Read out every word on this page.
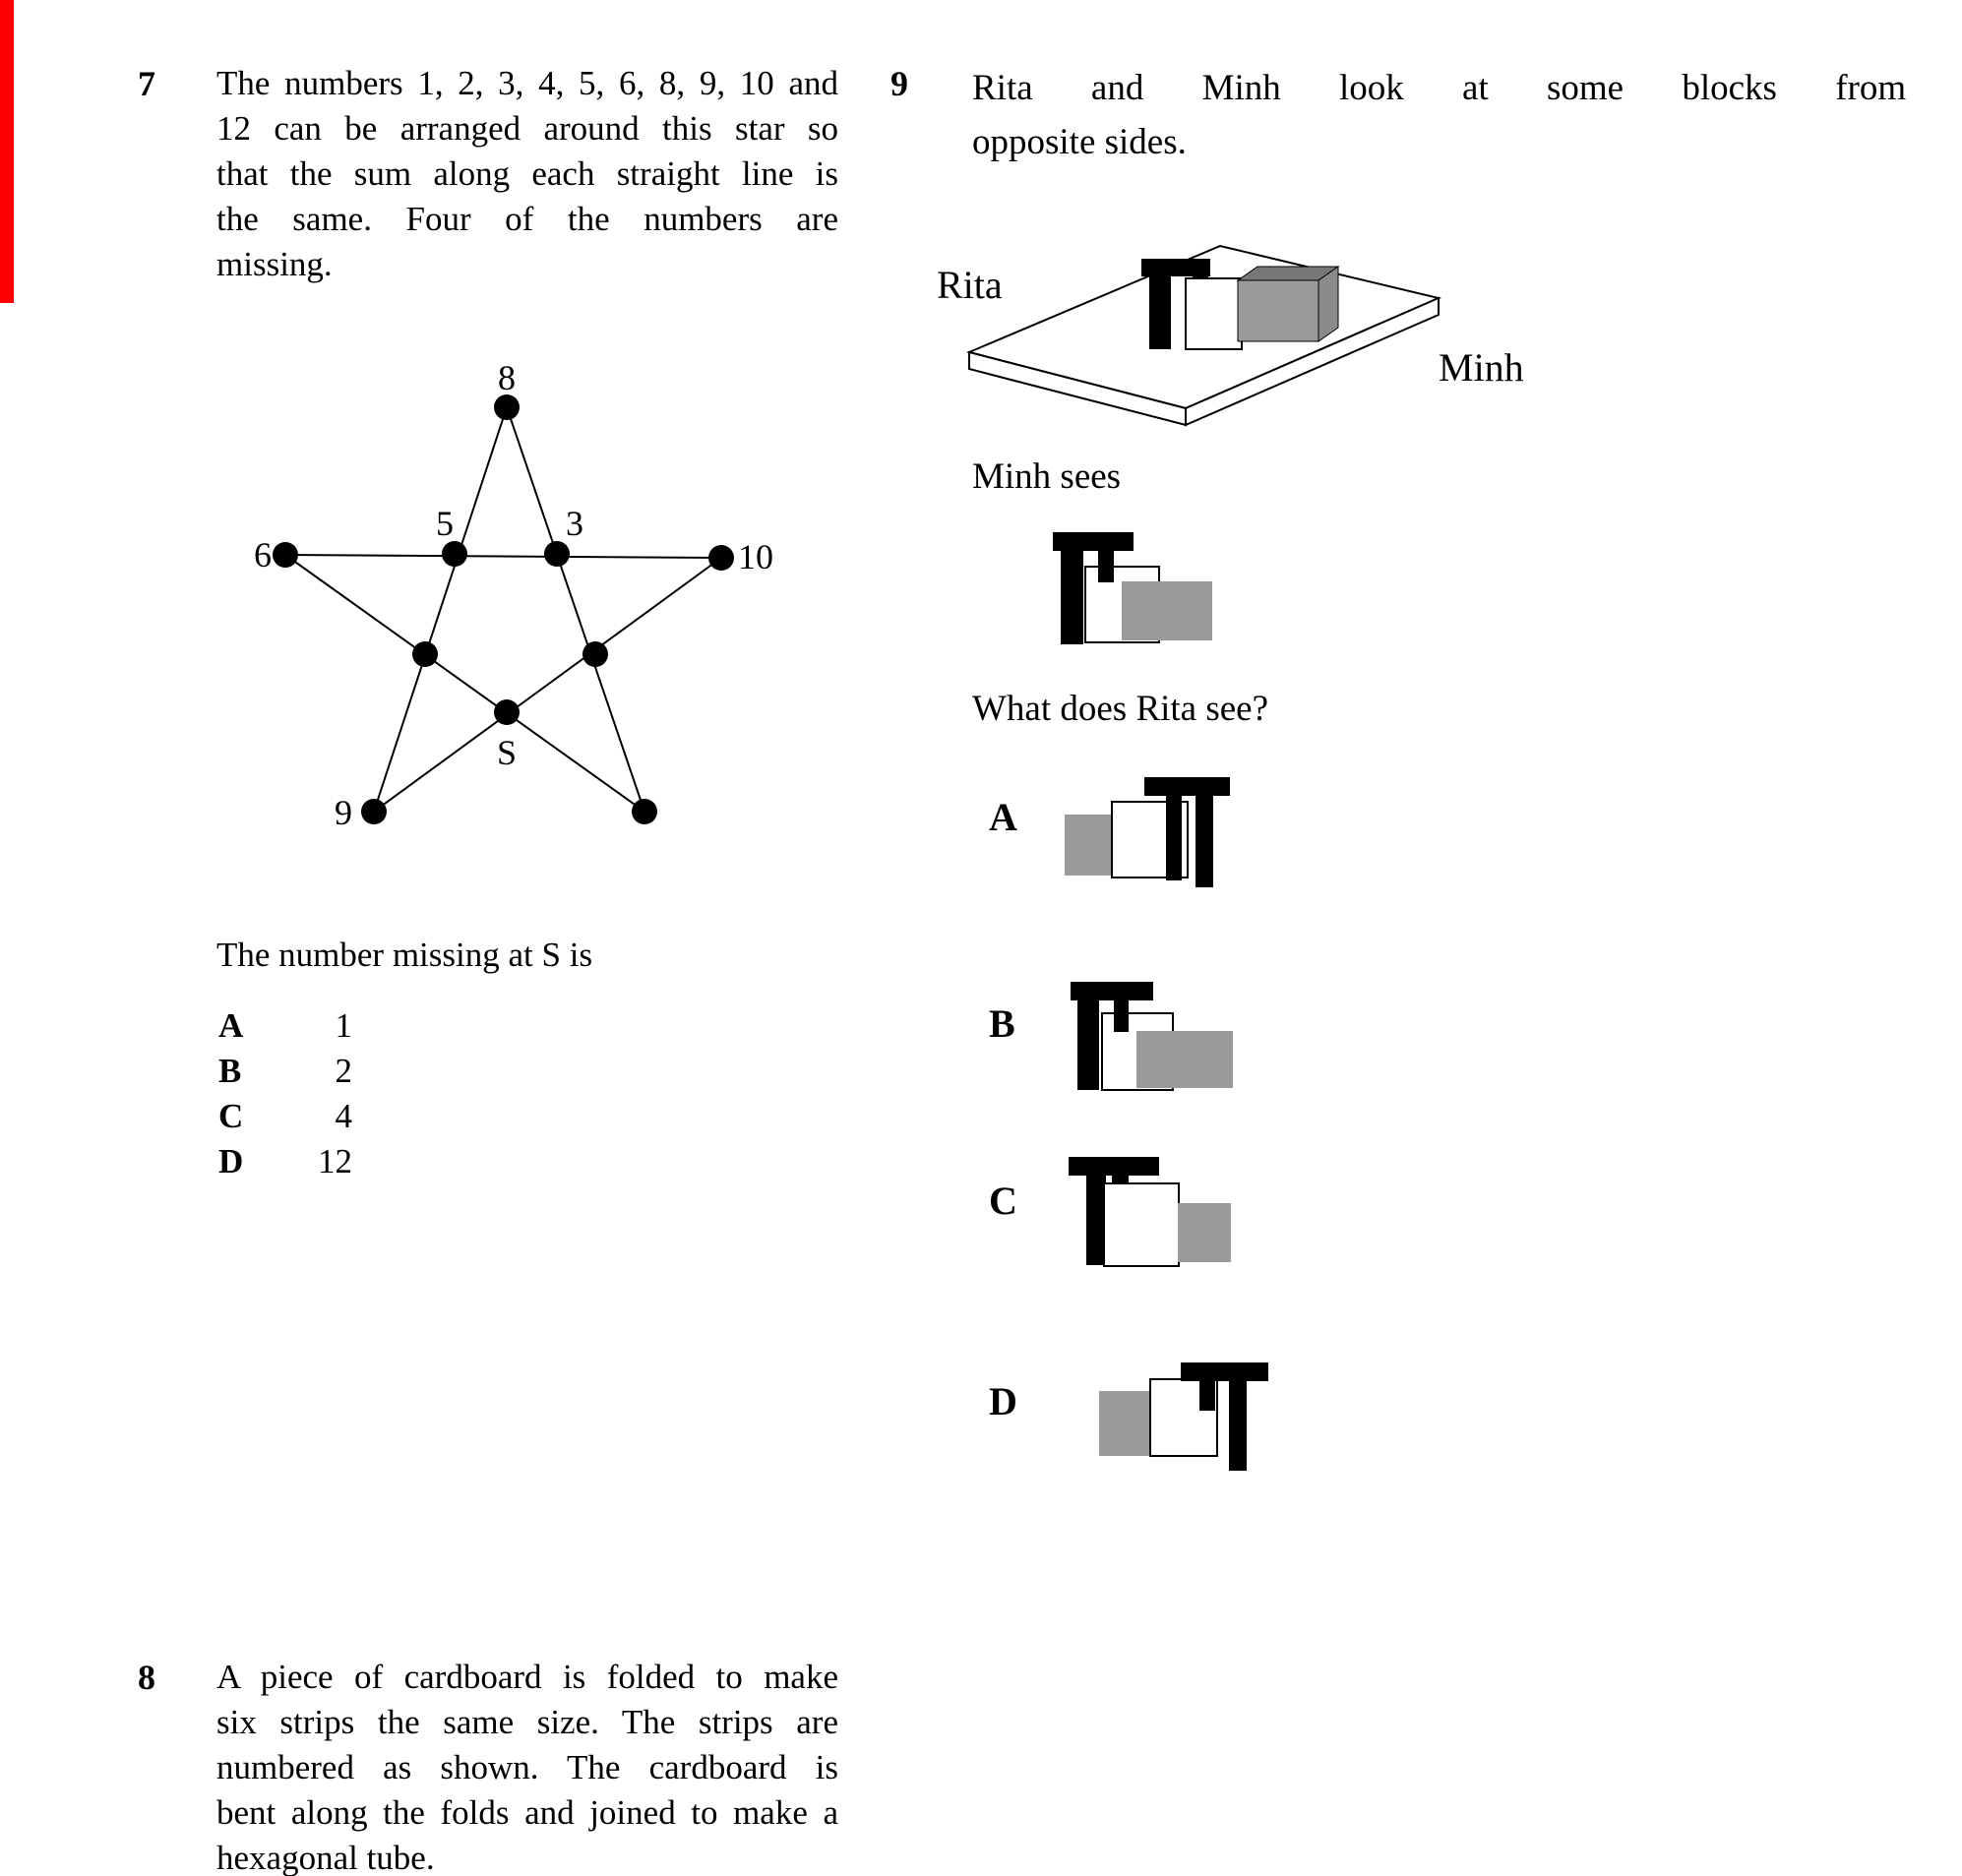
7 The numbers 1, 2, 3, 4, 5, 6, 8, 9, 10 and
12 can be arranged around this star so
that the sum along each straight line is
the same. Four of the numbers are
missing.
8
6
5	3
10
9
S
The number missing at S is
A	1
B	2
C	4
D	12
8 A piece of cardboard is folded to make
six strips the same size. The strips are
numbered as shown. The cardboard is
bent along the folds and joined to make a
hexagonal tube.
9 Rita and Minh look at some blocks from
opposite sides.
Rita
Minh
Minh sees
What does Rita see?
A
B
C
D
